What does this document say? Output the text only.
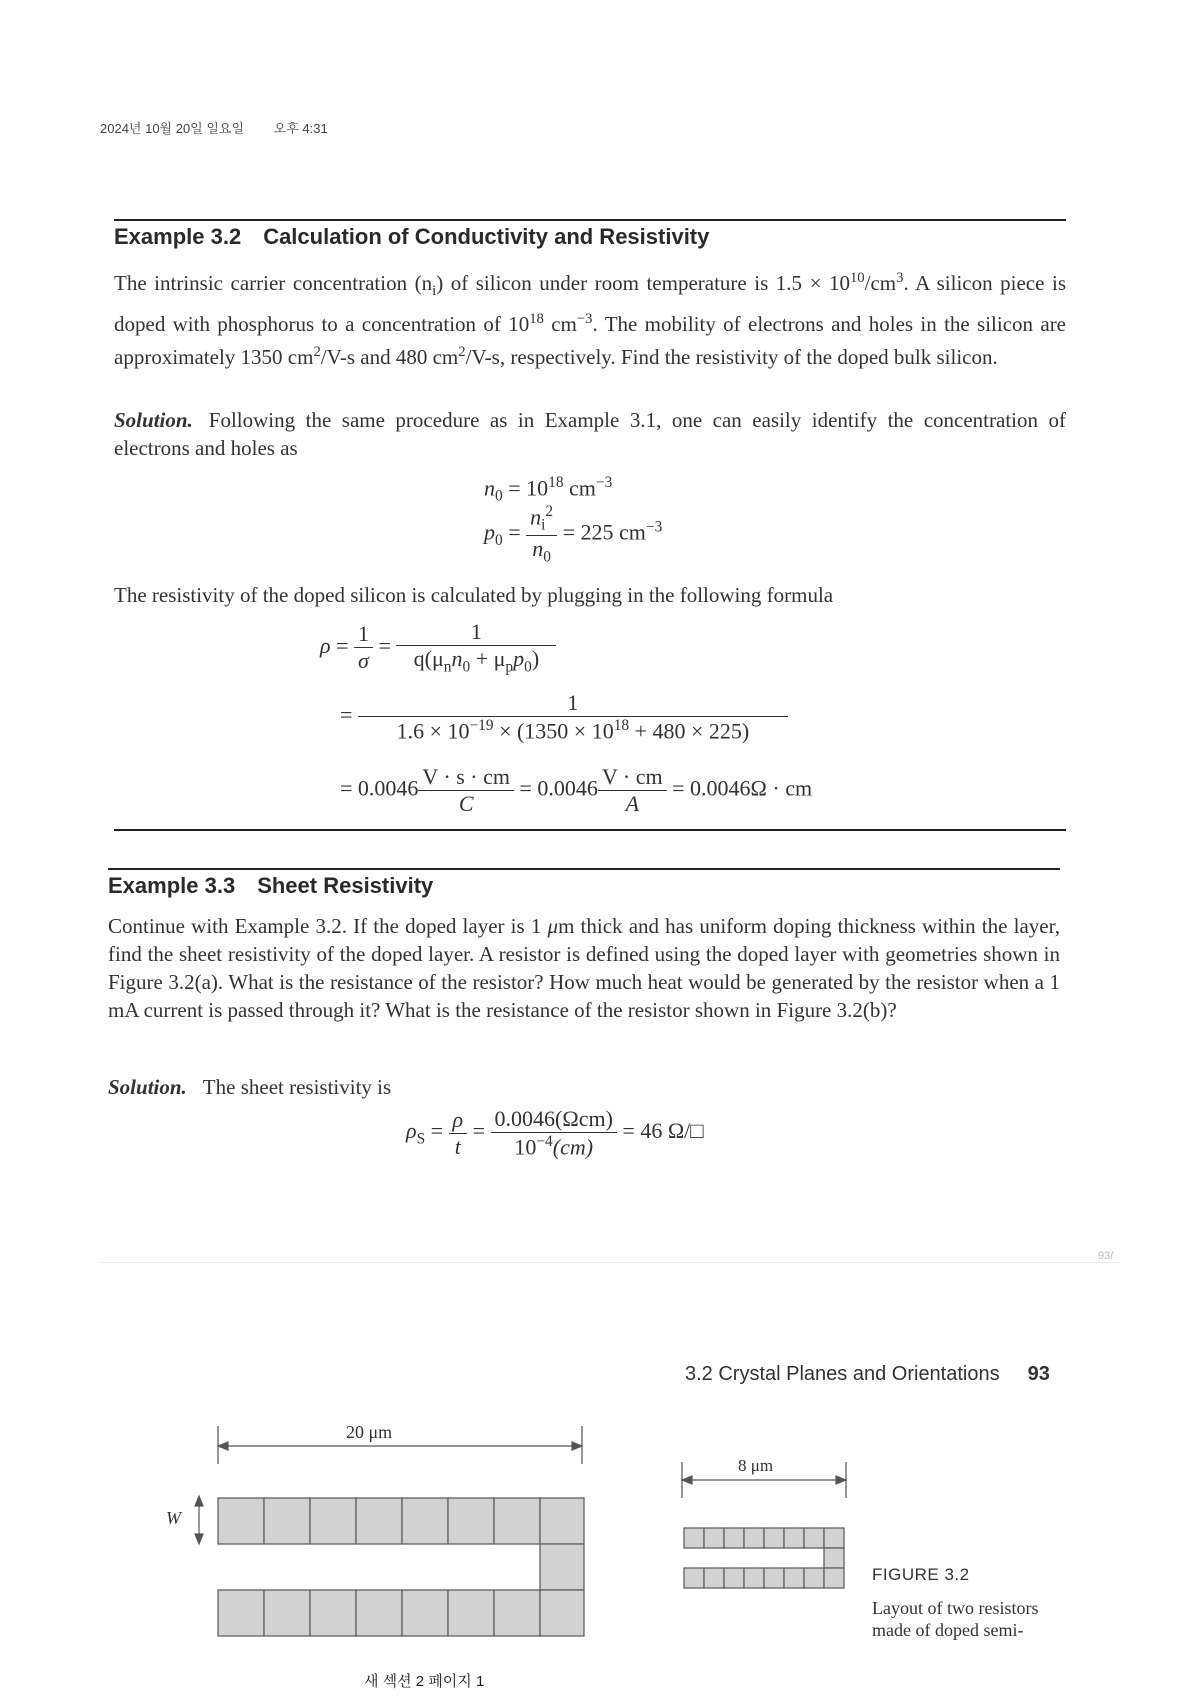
2024년 10월 20일 일요일 오후 4:31
Example 3.2 Calculation of Conductivity and Resistivity
The intrinsic carrier concentration $(n_i)$ of silicon under room temperature is $1.5 \times 10^{10}/cm^3$. A silicon piece is doped with phosphorus to a concentration of $10^{18}$ $cm^{-3}$. The mobility of electrons and holes in the silicon are approximately 1350 $cm^2/V-s$ and 480 $cm^2/V-s$, respectively. Find the resistivity of the doped bulk silicon.
Solution. Following the same procedure as in Example 3.1, one can easily identify the concentration of electrons and holes as
$n_0 = 10^{18}$ $cm^{-3}$
$p_0 = \frac{n_i^2}{n_0} = 225$ $cm^{-3}$
The resistivity of the doped silicon is calculated by plugging in the following formula
$\rho = \frac{1}{\sigma} = \frac{1}{q(\mu_nn_0 + \mu_pp_0)}$
= $\frac{1}{1.6 \times 10^{-19} \times (1350 \times 10^{18} + 480 \times 225)}$
= $0.0046 \frac{V \cdot s \cdot cm}{C} = 0.0046 \frac{V \cdot cm}{A} = 0.0046\Omega$ · cm
Example 3.3 Sheet Resistivity
Continue with Example 3.2. If the doped layer is 1 μm thick and has uniform doping thickness within the layer, find the sheet resistivity of the doped layer. A resistor is defined using the doped layer with geometries shown in Figure 3.2(a). What is the resistance of the resistor? How much heat would be generated by the resistor when a 1 mA current is passed through it? What is the resistance of the resistor shown in Figure 3.2(b)?
Solution. The sheet resistivity is
$\rho_S = \frac{\rho}{t} = \frac{\text{0.0046(Ωcm)}}{10^{-4}(cm)} = 46$ Ω/□
93/
3.2 Crystal Planes and Orientations 93
20 μm
W
8 μm
FIGURE 3.2
Layout of two resistors made of doped semi-
새 섹션 2 페이지 1
